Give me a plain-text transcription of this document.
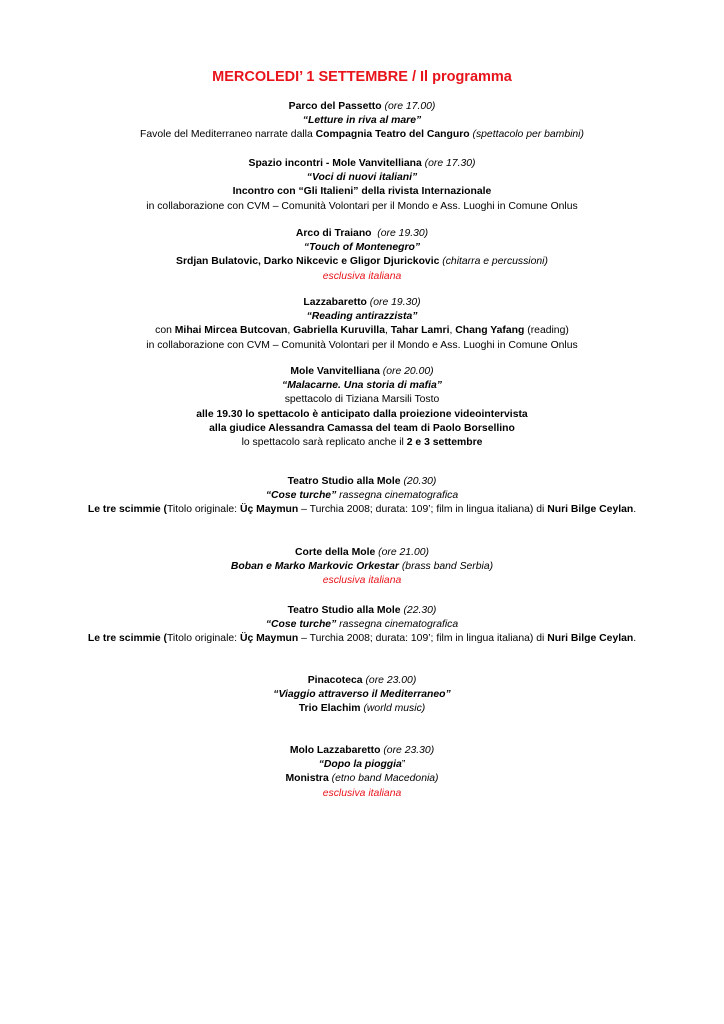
MERCOLEDI’ 1 SETTEMBRE / Il programma
Parco del Passetto (ore 17.00)
“Letture in riva al mare”
Favole del Mediterraneo narrate dalla Compagnia Teatro del Canguro (spettacolo per bambini)
Spazio incontri - Mole Vanvitelliana (ore 17.30)
“Voci di nuovi italiani”
Incontro con “Gli Italieni” della rivista Internazionale
in collaborazione con CVM – Comunità Volontari per il Mondo e Ass. Luoghi in Comune Onlus
Arco di Traiano (ore 19.30)
“Touch of Montenegro”
Srdjan Bulatovic, Darko Nikcevic e Gligor Djurickovic (chitarra e percussioni)
esclusiva italiana
Lazzabaretto (ore 19.30)
“Reading antirazzista”
con Mihai Mircea Butcovan, Gabriella Kuruvilla, Tahar Lamri, Chang Yafang (reading)
in collaborazione con CVM – Comunità Volontari per il Mondo e Ass. Luoghi in Comune Onlus
Mole Vanvitelliana (ore 20.00)
“Malacarne. Una storia di mafia”
spettacolo di Tiziana Marsili Tosto
alle 19.30 lo spettacolo è anticipato dalla proiezione videointervista
alla giudice Alessandra Camassa del team di Paolo Borsellino
lo spettacolo sarà replicato anche il 2 e 3 settembre
Teatro Studio alla Mole (20.30)
“Cose turche” rassegna cinematografica
Le tre scimmie (Titolo originale: Üç Maymun – Turchia 2008; durata: 109’; film in lingua italiana) di Nuri Bilge Ceylan.
Corte della Mole (ore 21.00)
Boban e Marko Markovic Orkestar (brass band Serbia)
esclusiva italiana
Teatro Studio alla Mole (22.30)
“Cose turche” rassegna cinematografica
Le tre scimmie (Titolo originale: Üç Maymun – Turchia 2008; durata: 109’; film in lingua italiana) di Nuri Bilge Ceylan.
Pinacoteca (ore 23.00)
“Viaggio attraverso il Mediterraneo”
Trio Elachim (world music)
Molo Lazzabaretto (ore 23.30)
“Dopo la pioggia”
Monistra (etno band Macedonia)
esclusiva italiana
